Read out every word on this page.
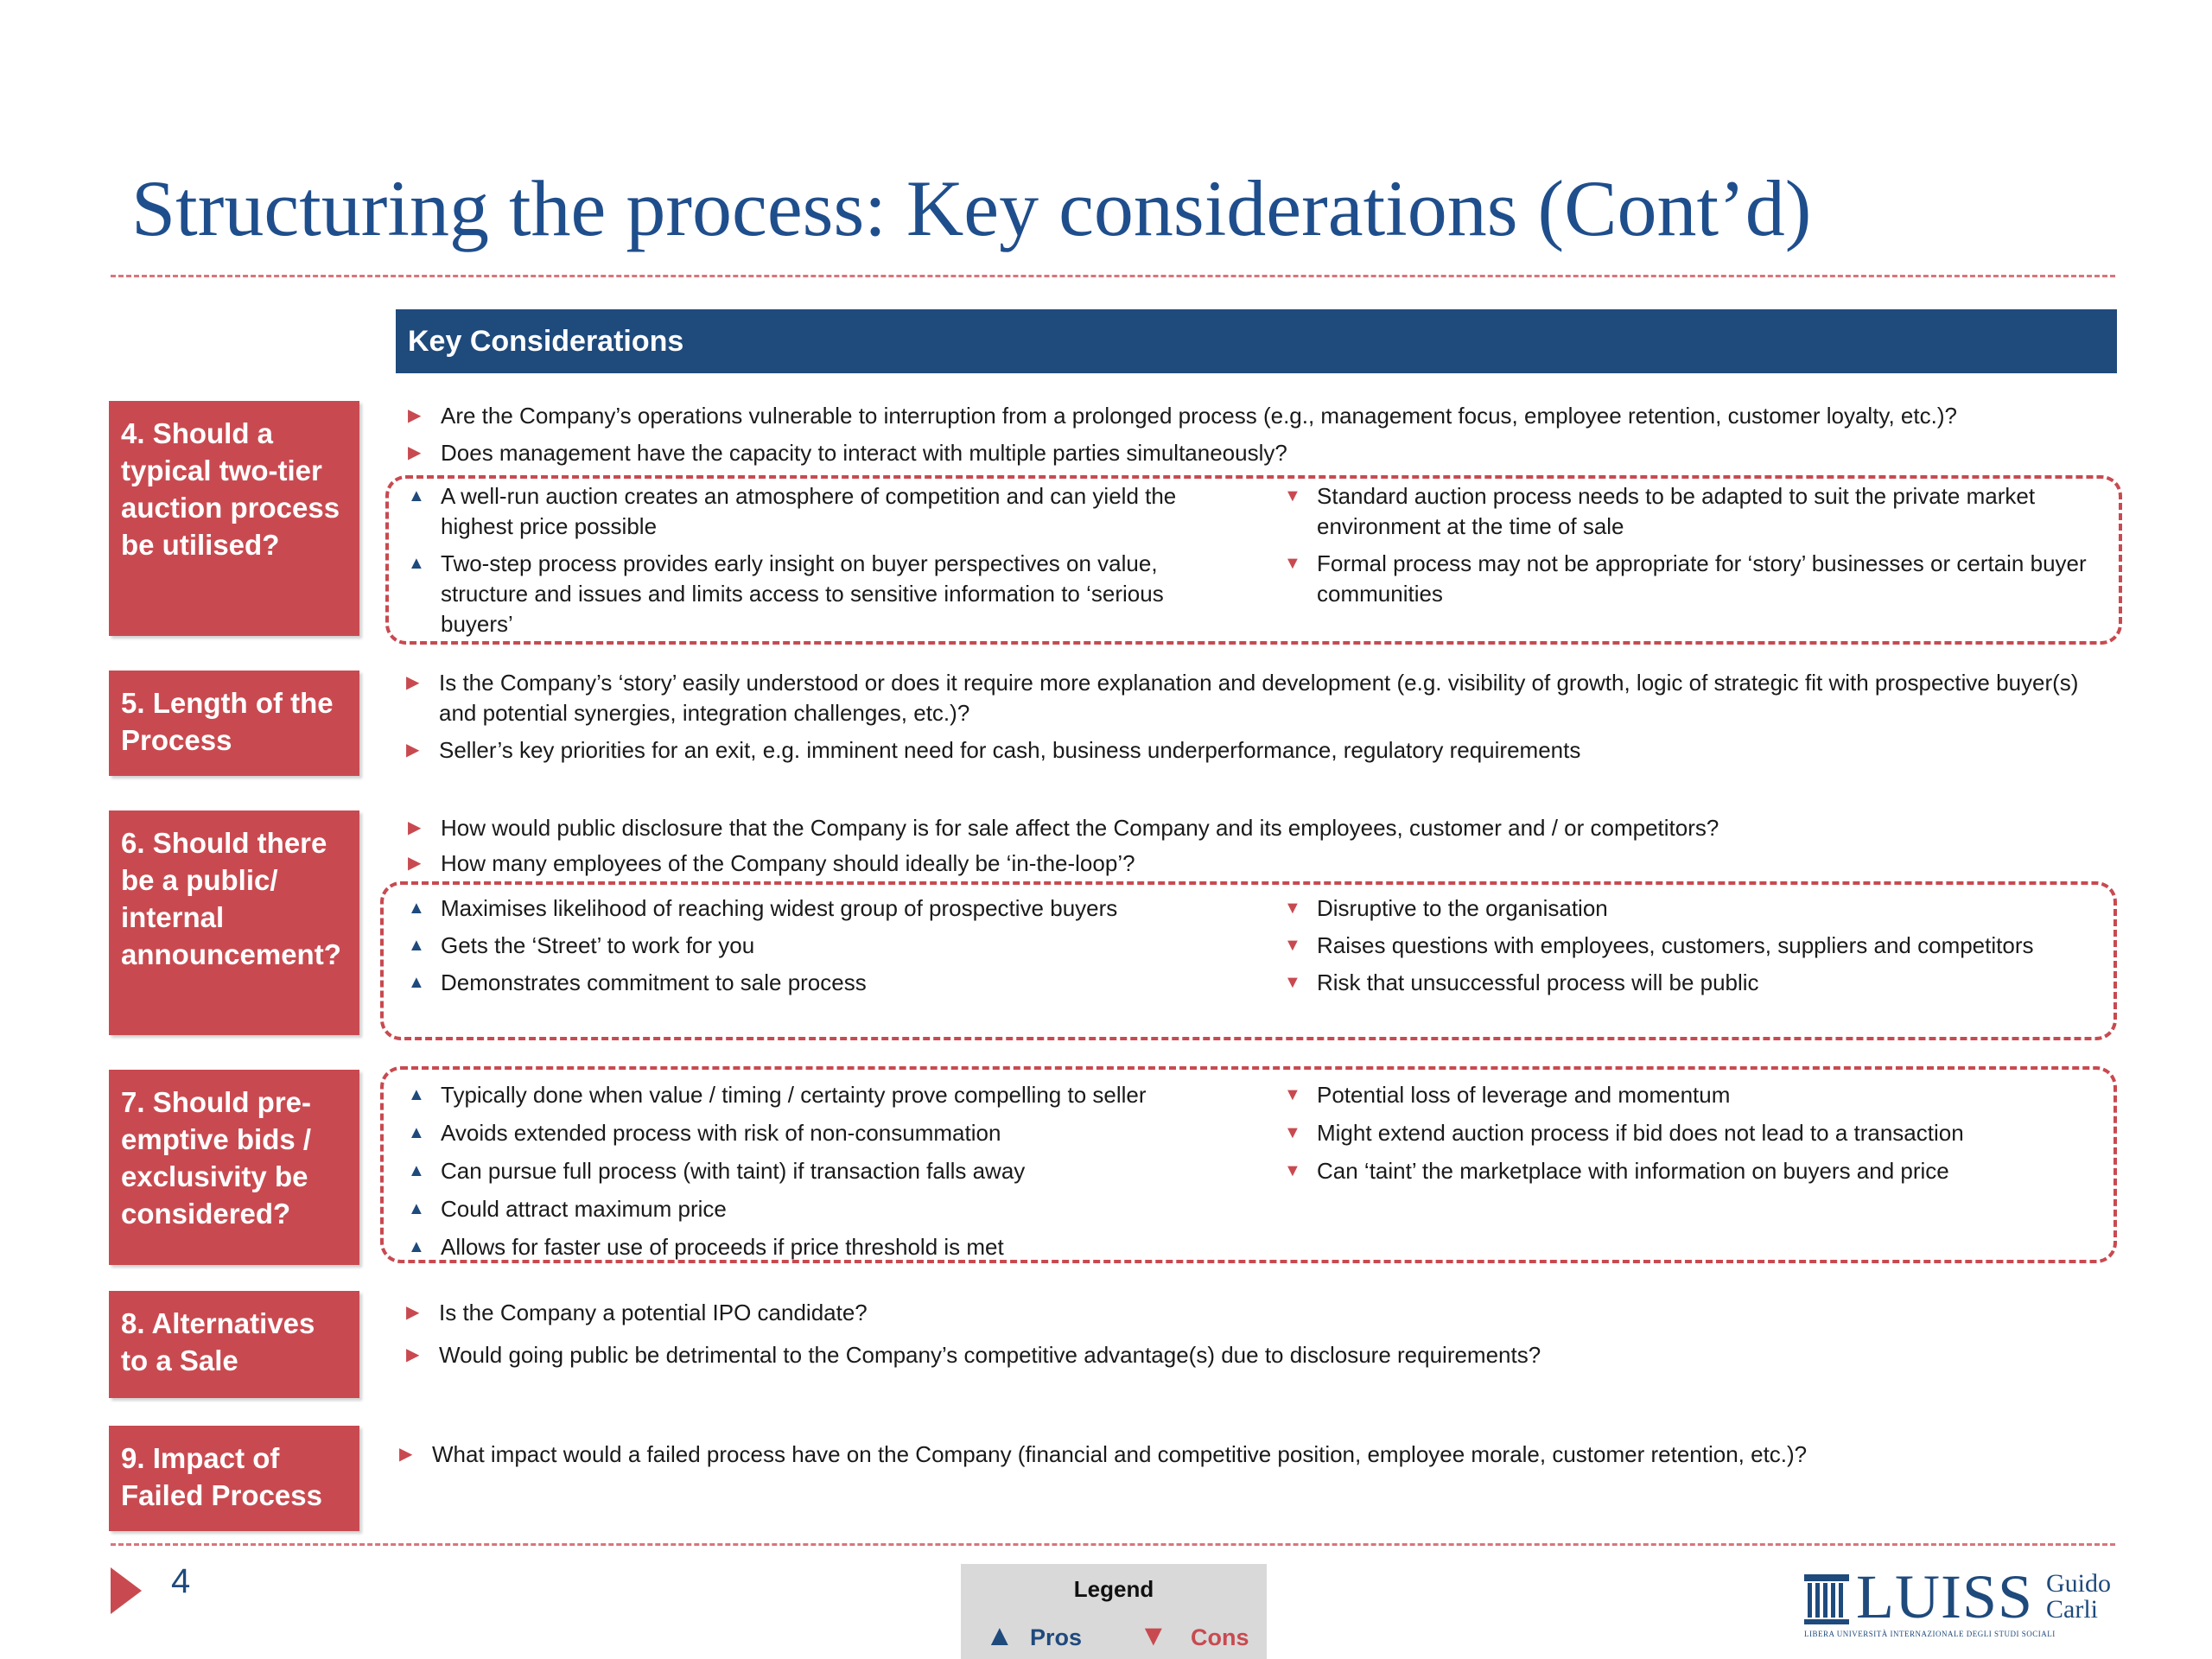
Structuring the process: Key considerations (Cont’d)
Key Considerations
4. Should a typical two-tier auction process be utilised?
▶ Are the Company’s operations vulnerable to interruption from a prolonged process (e.g., management focus, employee retention, customer loyalty, etc.)?
▶ Does management have the capacity to interact with multiple parties simultaneously?
▲ A well-run auction creates an atmosphere of competition and can yield the highest price possible
▲ Two-step process provides early insight on buyer perspectives on value, structure and issues and limits access to sensitive information to ‘serious buyers’
▼ Standard auction process needs to be adapted to suit the private market environment at the time of sale
▼ Formal process may not be appropriate for ‘story’ businesses or certain buyer communities
5. Length of the Process
▶ Is the Company’s ‘story’ easily understood or does it require more explanation and development (e.g. visibility of growth, logic of strategic fit with prospective buyer(s) and potential synergies, integration challenges, etc.)?
▶ Seller’s key priorities for an exit, e.g. imminent need for cash, business underperformance, regulatory requirements
6. Should there be a public/ internal announcement?
▶ How would public disclosure that the Company is for sale affect the Company and its employees, customer and / or competitors?
▶ How many employees of the Company should ideally be ‘in-the-loop’?
▲ Maximises likelihood of reaching widest group of prospective buyers
▲ Gets the ‘Street’ to work for you
▲ Demonstrates commitment to sale process
▼ Disruptive to the organisation
▼ Raises questions with employees, customers, suppliers and competitors
▼ Risk that unsuccessful process will be public
7. Should pre-emptive bids / exclusivity be considered?
▲ Typically done when value / timing / certainty prove compelling to seller
▲ Avoids extended process with risk of non-consummation
▲ Can pursue full process (with taint) if transaction falls away
▲ Could attract maximum price
▲ Allows for faster use of proceeds if price threshold is met
▼ Potential loss of leverage and momentum
▼ Might extend auction process if bid does not lead to a transaction
▼ Can ‘taint’ the marketplace with information on buyers and price
8. Alternatives to a Sale
▶ Is the Company a potential IPO candidate?
▶ Would going public be detrimental to the Company’s competitive advantage(s) due to disclosure requirements?
9. Impact of Failed Process
▶ What impact would a failed process have on the Company (financial and competitive position, employee morale, customer retention, etc.)?
4	Legend
▲ Pros ▼ Cons
LUISS Guido
Carli
LIBERA UNIVERSITÀ INTERNAZIONALE DEGLI STUDI SOCIALI
